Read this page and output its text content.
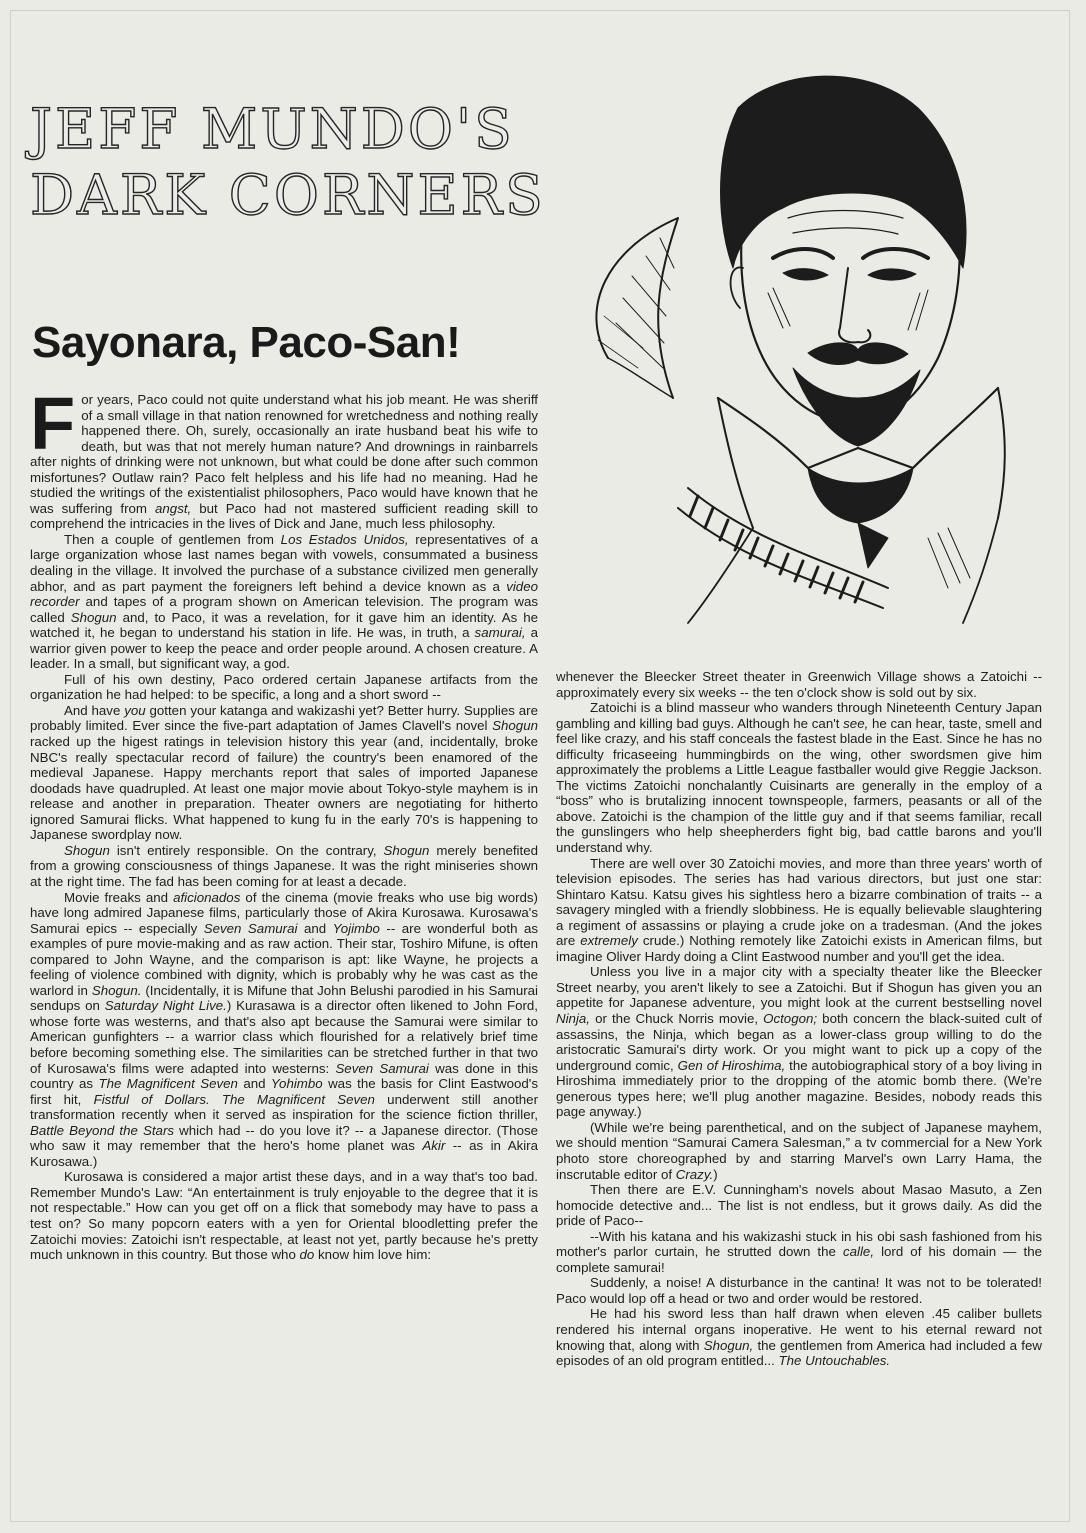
JEFF MUNDO'S
DARK CORNERS
Sayonara, Paco-San!

For years, Paco could not quite understand what his job meant. He was sheriff of a small village in that nation renowned for wretchedness and nothing really happened there. Oh, surely, occasionally an irate husband beat his wife to death, but was that not merely human nature? And drownings in rainbarrels after nights of drinking were not unknown, but what could be done after such common misfortunes? Outlaw rain? Paco felt helpless and his life had no meaning. Had he studied the writings of the existentialist philosophers, Paco would have known that he was suffering from angst, but Paco had not mastered sufficient reading skill to comprehend the intricacies in the lives of Dick and Jane, much less philosophy.

Then a couple of gentlemen from Los Estados Unidos, representatives of a large organization whose last names began with vowels, consummated a business dealing in the village. It involved the purchase of a substance civilized men generally abhor, and as part payment the foreigners left behind a device known as a video recorder and tapes of a program shown on American television. The program was called Shogun and, to Paco, it was a revelation, for it gave him an identity. As he watched it, he began to understand his station in life. He was, in truth, a samurai, a warrior given power to keep the peace and order people around. A chosen creature. A leader. In a small, but significant way, a god.

Full of his own destiny, Paco ordered certain Japanese artifacts from the organization he had helped: to be specific, a long and a short sword --

And have you gotten your katanga and wakizashi yet? Better hurry. Supplies are probably limited. Ever since the five-part adaptation of James Clavell's novel Shogun racked up the higest ratings in television history this year (and, incidentally, broke NBC's really spectacular record of failure) the country's been enamored of the medieval Japanese. Happy merchants report that sales of imported Japanese doodads have quadrupled. At least one major movie about Tokyo-style mayhem is in release and another in preparation. Theater owners are negotiating for hitherto ignored Samurai flicks. What happened to kung fu in the early 70's is happening to Japanese swordplay now.

Shogun isn't entirely responsible. On the contrary, Shogun merely benefited from a growing consciousness of things Japanese. It was the right miniseries shown at the right time. The fad has been coming for at least a decade.

Movie freaks and aficionados of the cinema (movie freaks who use big words) have long admired Japanese films, particularly those of Akira Kurosawa. Kurosawa's Samurai epics -- especially Seven Samurai and Yojimbo -- are wonderful both as examples of pure movie-making and as raw action. Their star, Toshiro Mifune, is often compared to John Wayne, and the comparison is apt: like Wayne, he projects a feeling of violence combined with dignity, which is probably why he was cast as the warlord in Shogun. (Incidentally, it is Mifune that John Belushi parodied in his Samurai sendups on Saturday Night Live.) Kurasawa is a director often likened to John Ford, whose forte was westerns, and that's also apt because the Samurai were similar to American gunfighters -- a warrior class which flourished for a relatively brief time before becoming something else. The similarities can be stretched further in that two of Kurosawa's films were adapted into westerns: Seven Samurai was done in this country as The Magnificent Seven and Yohimbo was the basis for Clint Eastwood's first hit, Fistful of Dollars. The Magnificent Seven underwent still another transformation recently when it served as inspiration for the science fiction thriller, Battle Beyond the Stars which had -- do you love it? -- a Japanese director. (Those who saw it may remember that the hero's home planet was Akir -- as in Akira Kurosawa.)

Kurosawa is considered a major artist these days, and in a way that's too bad. Remember Mundo's Law: “An entertainment is truly enjoyable to the degree that it is not respectable.” How can you get off on a flick that somebody may have to pass a test on? So many popcorn eaters with a yen for Oriental bloodletting prefer the Zatoichi movies: Zatoichi isn't respectable, at least not yet, partly because he's pretty much unknown in this country. But those who do know him love him:

whenever the Bleecker Street theater in Greenwich Village shows a Zatoichi -- approximately every six weeks -- the ten o'clock show is sold out by six.

Zatoichi is a blind masseur who wanders through Nineteenth Century Japan gambling and killing bad guys. Although he can't see, he can hear, taste, smell and feel like crazy, and his staff conceals the fastest blade in the East. Since he has no difficulty fricaseeing hummingbirds on the wing, other swordsmen give him approximately the problems a Little League fastballer would give Reggie Jackson. The victims Zatoichi nonchalantly Cuisinarts are generally in the employ of a “boss” who is brutalizing innocent townspeople, farmers, peasants or all of the above. Zatoichi is the champion of the little guy and if that seems familiar, recall the gunslingers who help sheepherders fight big, bad cattle barons and you'll understand why.

There are well over 30 Zatoichi movies, and more than three years' worth of television episodes. The series has had various directors, but just one star: Shintaro Katsu. Katsu gives his sightless hero a bizarre combination of traits -- a savagery mingled with a friendly slobbiness. He is equally believable slaughtering a regiment of assassins or playing a crude joke on a tradesman. (And the jokes are extremely crude.) Nothing remotely like Zatoichi exists in American films, but imagine Oliver Hardy doing a Clint Eastwood number and you'll get the idea.

Unless you live in a major city with a specialty theater like the Bleecker Street nearby, you aren't likely to see a Zatoichi. But if Shogun has given you an appetite for Japanese adventure, you might look at the current bestselling novel Ninja, or the Chuck Norris movie, Octogon; both concern the black-suited cult of assassins, the Ninja, which began as a lower-class group willing to do the aristocratic Samurai's dirty work. Or you might want to pick up a copy of the underground comic, Gen of Hiroshima, the autobiographical story of a boy living in Hiroshima immediately prior to the dropping of the atomic bomb there. (We're generous types here; we'll plug another magazine. Besides, nobody reads this page anyway.)

(While we're being parenthetical, and on the subject of Japanese mayhem, we should mention “Samurai Camera Salesman,” a tv commercial for a New York photo store choreographed by and starring Marvel's own Larry Hama, the inscrutable editor of Crazy.)

Then there are E.V. Cunningham's novels about Masao Masuto, a Zen homocide detective and... The list is not endless, but it grows daily. As did the pride of Paco--

--With his katana and his wakizashi stuck in his obi sash fashioned from his mother's parlor curtain, he strutted down the calle, lord of his domain — the complete samurai!

Suddenly, a noise! A disturbance in the cantina! It was not to be tolerated! Paco would lop off a head or two and order would be restored.

He had his sword less than half drawn when eleven .45 caliber bullets rendered his internal organs inoperative. He went to his eternal reward not knowing that, along with Shogun, the gentlemen from America had included a few episodes of an old program entitled... The Untouchables.
